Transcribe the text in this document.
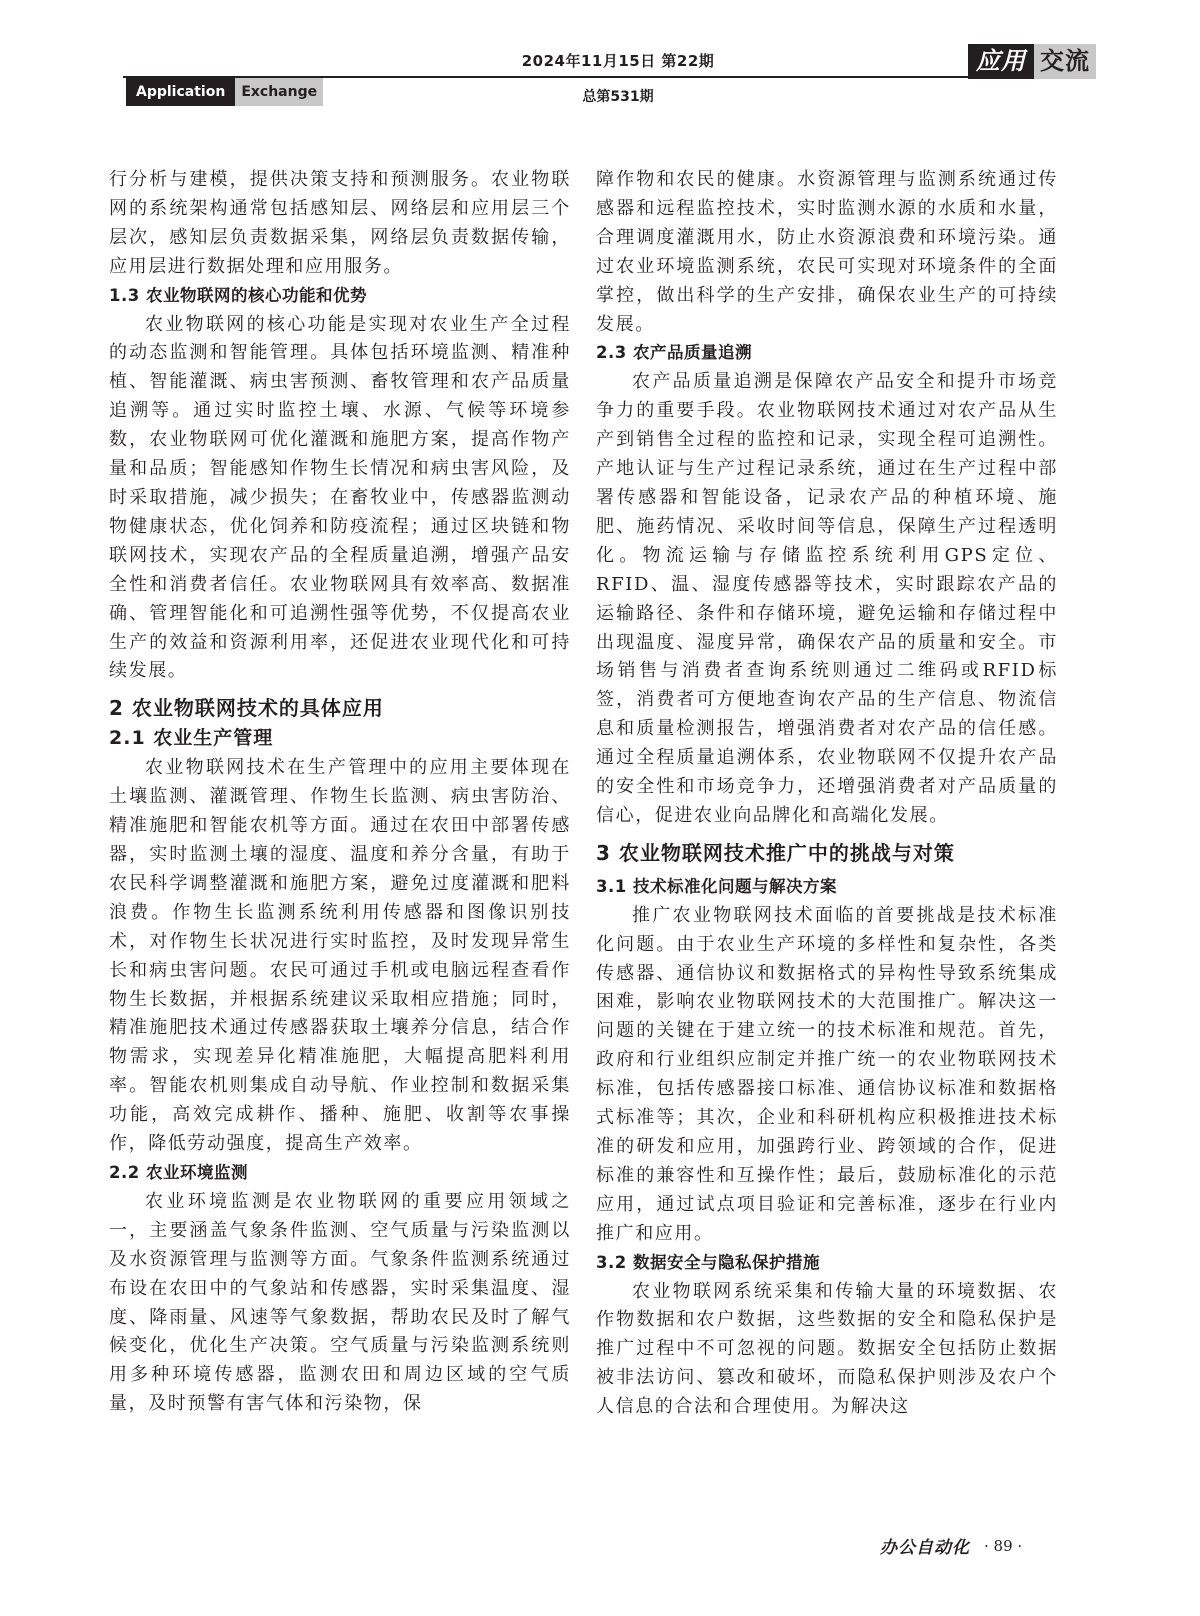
2024年11月15日 第22期	应用 交流
Application	Exchange	总第531期

行分析与建模，提供决策支持和预测服务。农业物联网的系统架构通常包括感知层、网络层和应用层三个层次，感知层负责数据采集，网络层负责数据传输，应用层进行数据处理和应用服务。

1.3 农业物联网的核心功能和优势

农业物联网的核心功能是实现对农业生产全过程的动态监测和智能管理。具体包括环境监测、精准种植、智能灌溉、病虫害预测、畜牧管理和农产品质量追溯等。通过实时监控土壤、水源、气候等环境参数，农业物联网可优化灌溉和施肥方案，提高作物产量和品质；智能感知作物生长情况和病虫害风险，及时采取措施，减少损失；在畜牧业中，传感器监测动物健康状态，优化饲养和防疫流程；通过区块链和物联网技术，实现农产品的全程质量追溯，增强产品安全性和消费者信任。农业物联网具有效率高、数据准确、管理智能化和可追溯性强等优势，不仅提高农业生产的效益和资源利用率，还促进农业现代化和可持续发展。

2 农业物联网技术的具体应用
2.1 农业生产管理

农业物联网技术在生产管理中的应用主要体现在土壤监测、灌溉管理、作物生长监测、病虫害防治、精准施肥和智能农机等方面。通过在农田中部署传感器，实时监测土壤的湿度、温度和养分含量，有助于农民科学调整灌溉和施肥方案，避免过度灌溉和肥料浪费。作物生长监测系统利用传感器和图像识别技术，对作物生长状况进行实时监控，及时发现异常生长和病虫害问题。农民可通过手机或电脑远程查看作物生长数据，并根据系统建议采取相应措施；同时，精准施肥技术通过传感器获取土壤养分信息，结合作物需求，实现差异化精准施肥，大幅提高肥料利用率。智能农机则集成自动导航、作业控制和数据采集功能，高效完成耕作、播种、施肥、收割等农事操作，降低劳动强度，提高生产效率。

2.2 农业环境监测

农业环境监测是农业物联网的重要应用领域之一，主要涵盖气象条件监测、空气质量与污染监测以及水资源管理与监测等方面。气象条件监测系统通过布设在农田中的气象站和传感器，实时采集温度、湿度、降雨量、风速等气象数据，帮助农民及时了解气候变化，优化生产决策。空气质量与污染监测系统则用多种环境传感器，监测农田和周边区域的空气质量，及时预警有害气体和污染物，保

障作物和农民的健康。水资源管理与监测系统通过传感器和远程监控技术，实时监测水源的水质和水量，合理调度灌溉用水，防止水资源浪费和环境污染。通过农业环境监测系统，农民可实现对环境条件的全面掌控，做出科学的生产安排，确保农业生产的可持续发展。

2.3 农产品质量追溯

农产品质量追溯是保障农产品安全和提升市场竞争力的重要手段。农业物联网技术通过对农产品从生产到销售全过程的监控和记录，实现全程可追溯性。产地认证与生产过程记录系统，通过在生产过程中部署传感器和智能设备，记录农产品的种植环境、施肥、施药情况、采收时间等信息，保障生产过程透明化。物流运输与存储监控系统利用GPS定位、RFID、温、湿度传感器等技术，实时跟踪农产品的运输路径、条件和存储环境，避免运输和存储过程中出现温度、湿度异常，确保农产品的质量和安全。市场销售与消费者查询系统则通过二维码或RFID标签，消费者可方便地查询农产品的生产信息、物流信息和质量检测报告，增强消费者对农产品的信任感。通过全程质量追溯体系，农业物联网不仅提升农产品的安全性和市场竞争力，还增强消费者对产品质量的信心，促进农业向品牌化和高端化发展。

3 农业物联网技术推广中的挑战与对策
3.1 技术标准化问题与解决方案

推广农业物联网技术面临的首要挑战是技术标准化问题。由于农业生产环境的多样性和复杂性，各类传感器、通信协议和数据格式的异构性导致系统集成困难，影响农业物联网技术的大范围推广。解决这一问题的关键在于建立统一的技术标准和规范。首先，政府和行业组织应制定并推广统一的农业物联网技术标准，包括传感器接口标准、通信协议标准和数据格式标准等；其次，企业和科研机构应积极推进技术标准的研发和应用，加强跨行业、跨领域的合作，促进标准的兼容性和互操作性；最后，鼓励标准化的示范应用，通过试点项目验证和完善标准，逐步在行业内推广和应用。

3.2 数据安全与隐私保护措施

农业物联网系统采集和传输大量的环境数据、农作物数据和农户数据，这些数据的安全和隐私保护是推广过程中不可忽视的问题。数据安全包括防止数据被非法访问、篡改和破坏，而隐私保护则涉及农户个人信息的合法和合理使用。为解决这

办公自动化 · 89 ·
